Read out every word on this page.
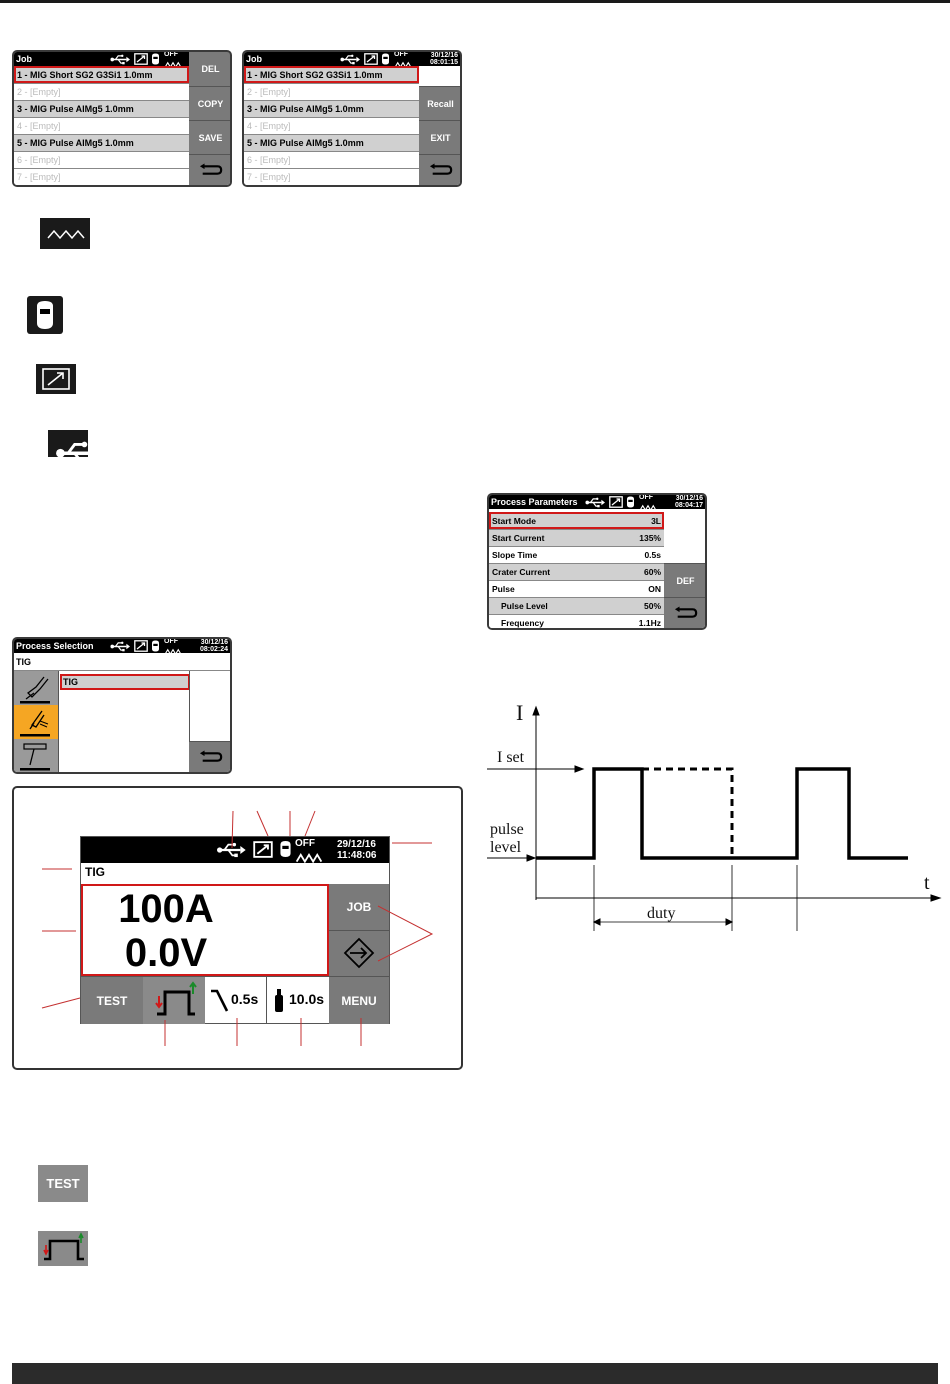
Job	OFF
1 - MIG Short SG2 G3Si1 1.0mm
2 - [Empty]
3 - MIG Pulse AlMg5 1.0mm
4 - [Empty]
5 - MIG Pulse AlMg5 1.0mm
6 - [Empty]
7 - [Empty]
DEL
COPY
SAVE
Job	OFF	30/12/16
08:01:15
1 - MIG Short SG2 G3Si1 1.0mm
2 - [Empty]
3 - MIG Pulse AlMg5 1.0mm
4 - [Empty]
5 - MIG Pulse AlMg5 1.0mm
6 - [Empty]
7 - [Empty]
Recall
EXIT
Process Parameters	OFF	30/12/16
08:04:17
Start Mode	3L
Start Current	135%
Slope Time	0.5s
Crater Current	60%
Pulse	ON
Pulse Level	50%
Frequency	1.1Hz
DEF
Process Selection	OFF	30/12/16
08:02:24
TIG
TIG
OFF 29/12/16
11:48:06
TIG
100A
0.0V
JOB
TEST	0.5s 10.0s	MENU
I
t
I set
pulse
level
duty
TEST
